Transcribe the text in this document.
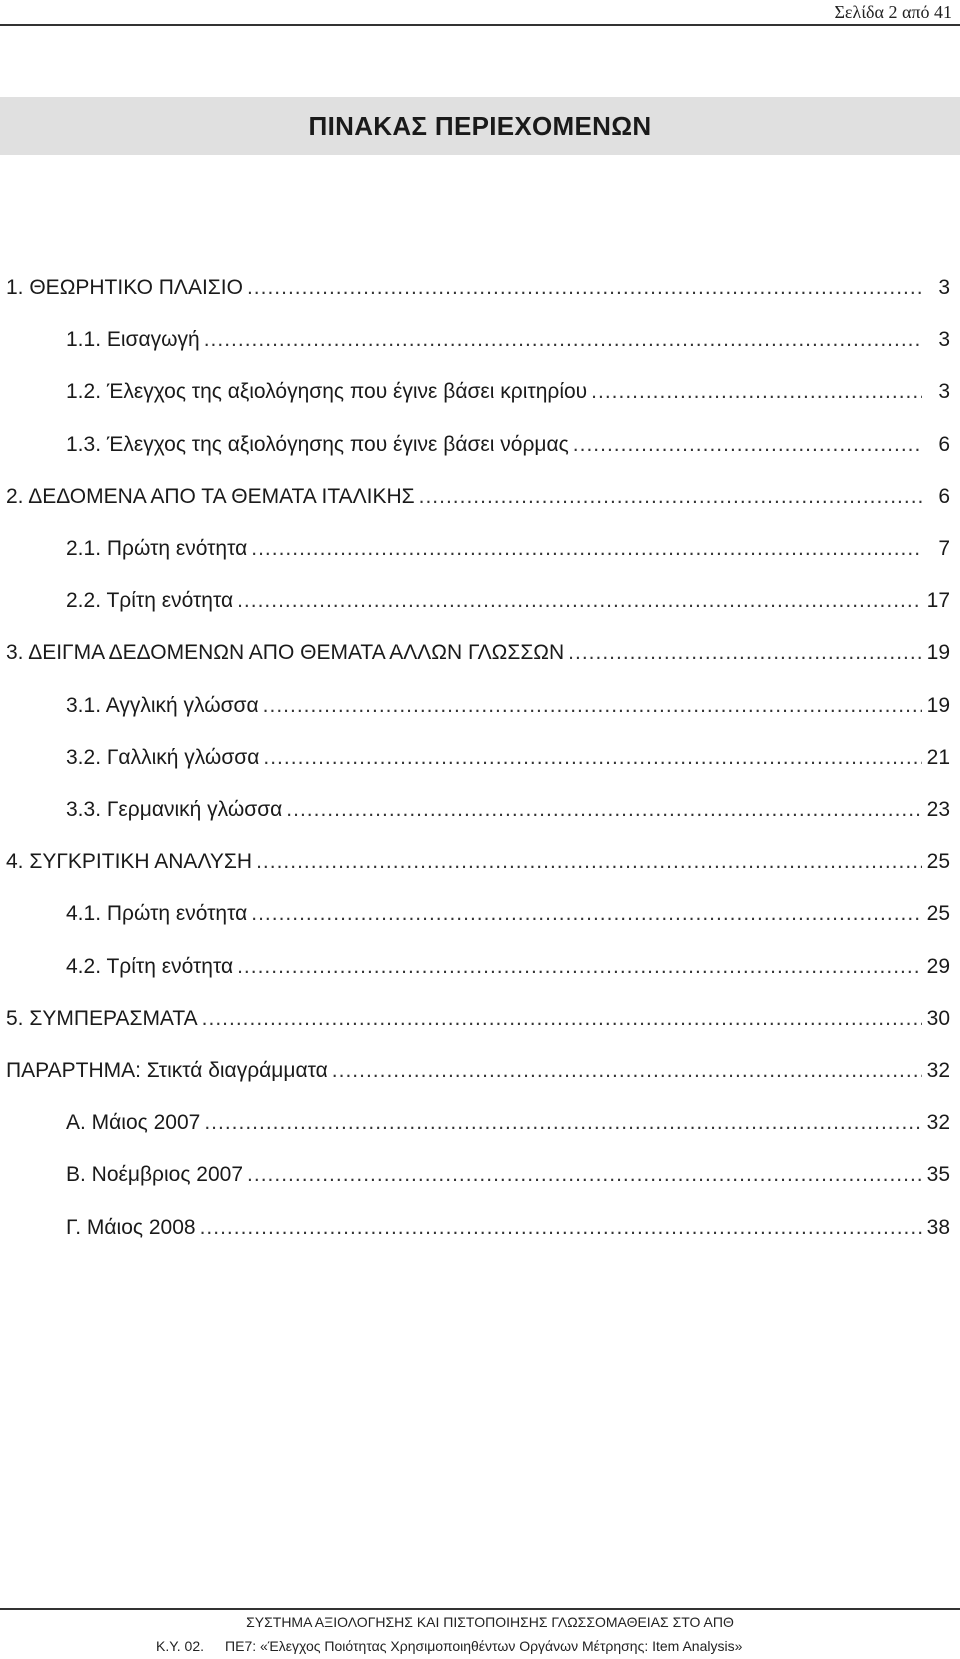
Σελίδα 2 από 41
ΠΙΝΑΚΑΣ ΠΕΡΙΕΧΟΜΕΝΩΝ
1. ΘΕΩΡΗΤΙΚΟ ΠΛΑΙΣΙΟ .....	3
1.1. Εισαγωγή .....	3
1.2. Έλεγχος της αξιολόγησης που έγινε βάσει κριτηρίου .....	3
1.3. Έλεγχος της αξιολόγησης που έγινε βάσει νόρμας .....	6
2. ΔΕΔΟΜΕΝΑ ΑΠΟ ΤΑ ΘΕΜΑΤΑ ΙΤΑΛΙΚΗΣ .....	6
2.1. Πρώτη ενότητα .....	7
2.2. Τρίτη ενότητα .....	17
3. ΔΕΙΓΜΑ ΔΕΔΟΜΕΝΩΝ ΑΠΟ ΘΕΜΑΤΑ ΑΛΛΩΝ ΓΛΩΣΣΩΝ .....	19
3.1. Αγγλική γλώσσα .....	19
3.2. Γαλλική γλώσσα .....	21
3.3. Γερμανική γλώσσα .....	23
4. ΣΥΓΚΡΙΤΙΚΗ ΑΝΑΛΥΣΗ .....	25
4.1. Πρώτη ενότητα .....	25
4.2. Τρίτη ενότητα .....	29
5. ΣΥΜΠΕΡΑΣΜΑΤΑ .....	30
ΠΑΡΑΡΤΗΜΑ: Στικτά διαγράμματα .....	32
Α. Μάιος 2007 .....	32
Β. Νοέμβριος 2007 .....	35
Γ. Μάιος 2008 .....	38
ΣΥΣΤΗΜΑ ΑΞΙΟΛΟΓΗΣΗΣ ΚΑΙ ΠΙΣΤΟΠΟΙΗΣΗΣ ΓΛΩΣΣΟΜΑΘΕΙΑΣ ΣΤΟ ΑΠΘ
Κ.Υ. 02. ΠΕ7: «Έλεγχος Ποιότητας Χρησιμοποιηθέντων Οργάνων Μέτρησης: Item Analysis»
